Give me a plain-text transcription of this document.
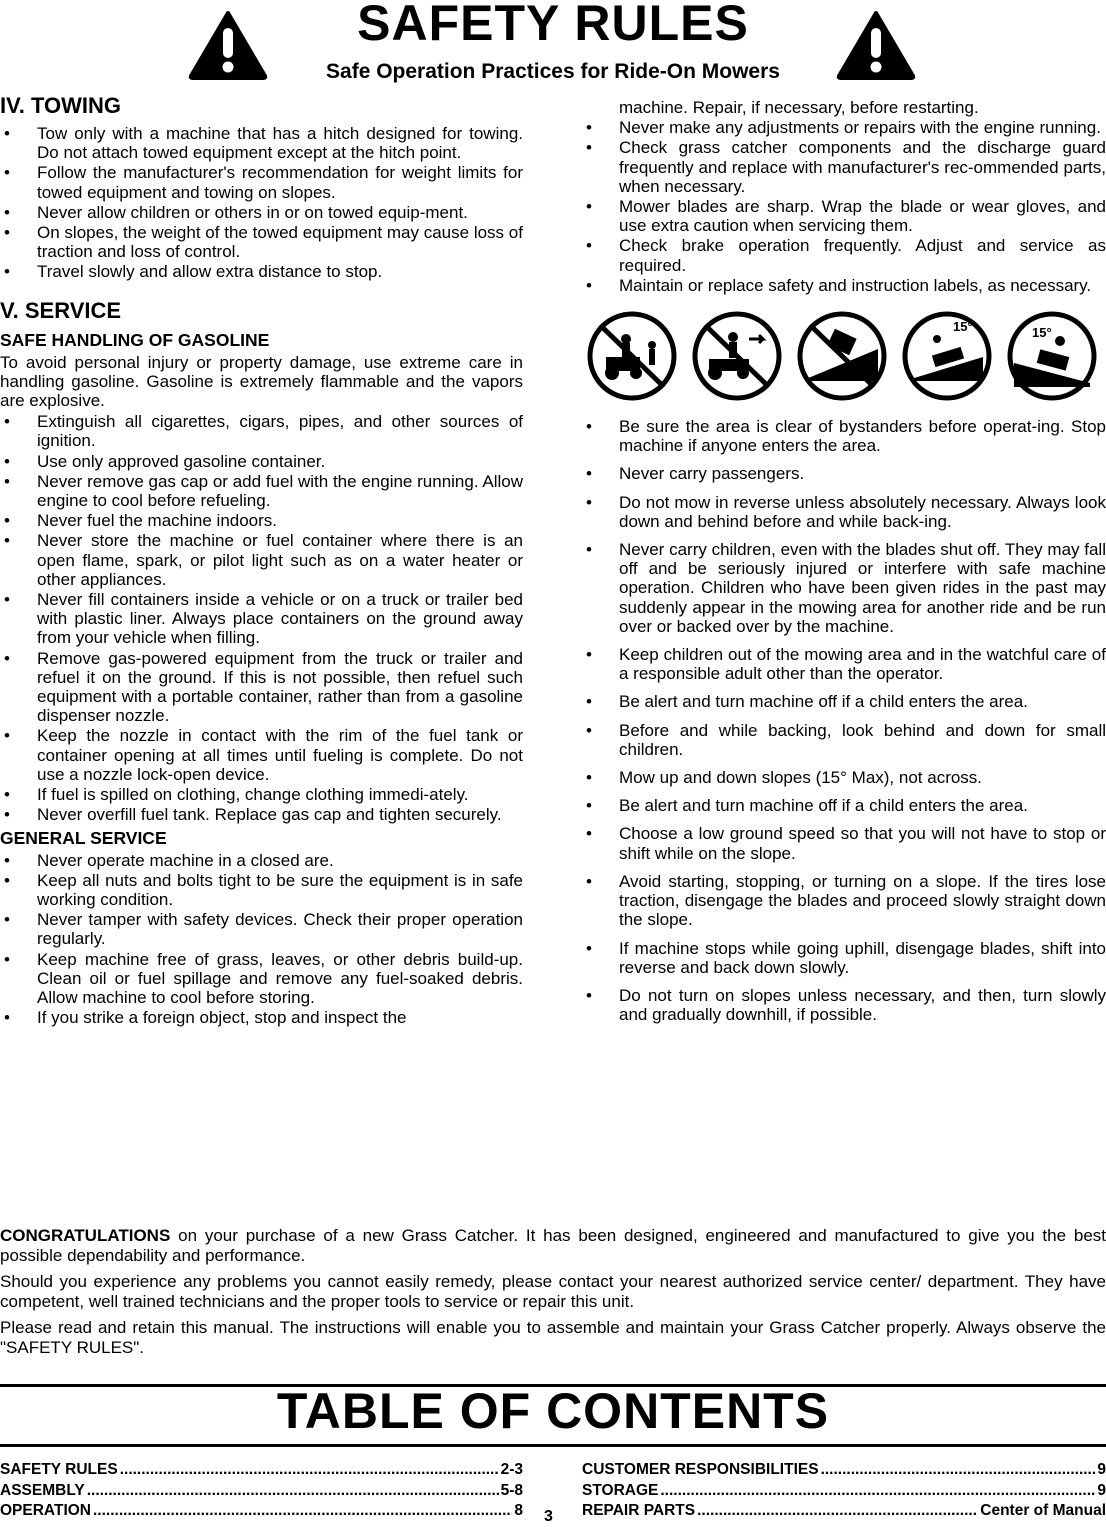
SAFETY RULES
Safe Operation Practices for Ride-On Mowers
IV. TOWING
• Tow only with a machine that has a hitch designed for towing. Do not attach towed equipment except at the hitch point.
• Follow the manufacturer's recommendation for weight limits for towed equipment and towing on slopes.
• Never allow children or others in or on towed equip-ment.
• On slopes, the weight of the towed equipment may cause loss of traction and loss of control.
• Travel slowly and allow extra distance to stop.
V. SERVICE
SAFE HANDLING OF GASOLINE

To avoid personal injury or property damage, use extreme care in handling gasoline. Gasoline is extremely flammable and the vapors are explosive.

• Extinguish all cigarettes, cigars, pipes, and other sources of ignition.
• Use only approved gasoline container.
• Never remove gas cap or add fuel with the engine running. Allow engine to cool before refueling.
• Never fuel the machine indoors.
• Never store the machine or fuel container where there is an open flame, spark, or pilot light such as on a water heater or other appliances.
• Never fill containers inside a vehicle or on a truck or trailer bed with plastic liner. Always place containers on the ground away from your vehicle when filling.
• Remove gas-powered equipment from the truck or trailer and refuel it on the ground. If this is not possible, then refuel such equipment with a portable container, rather than from a gasoline dispenser nozzle.
• Keep the nozzle in contact with the rim of the fuel tank or container opening at all times until fueling is complete. Do not use a nozzle lock-open device.
• If fuel is spilled on clothing, change clothing immedi-ately.
• Never overfill fuel tank. Replace gas cap and tighten securely.
GENERAL SERVICE
• Never operate machine in a closed are.
• Keep all nuts and bolts tight to be sure the equipment is in safe working condition.
• Never tamper with safety devices. Check their proper operation regularly.
• Keep machine free of grass, leaves, or other debris build-up. Clean oil or fuel spillage and remove any fuel-soaked debris. Allow machine to cool before storing.
• If you strike a foreign object, stop and inspect the
machine. Repair, if necessary, before restarting.
• Never make any adjustments or repairs with the engine running.
• Check grass catcher components and the discharge guard frequently and replace with manufacturer's rec-ommended parts, when necessary.
• Mower blades are sharp. Wrap the blade or wear gloves, and use extra caution when servicing them.
• Check brake operation frequently. Adjust and service as required.
• Maintain or replace safety and instruction labels, as necessary.
15°	15°
• Be sure the area is clear of bystanders before operat-ing. Stop machine if anyone enters the area.
• Never carry passengers.
• Do not mow in reverse unless absolutely necessary. Always look down and behind before and while back-ing.
• Never carry children, even with the blades shut off. They may fall off and be seriously injured or interfere with safe machine operation. Children who have been given rides in the past may suddenly appear in the mowing area for another ride and be run over or backed over by the machine.
• Keep children out of the mowing area and in the watchful care of a responsible adult other than the operator.
• Be alert and turn machine off if a child enters the area.
• Before and while backing, look behind and down for small children.
• Mow up and down slopes (15° Max), not across.
• Be alert and turn machine off if a child enters the area.
• Choose a low ground speed so that you will not have to stop or shift while on the slope.
• Avoid starting, stopping, or turning on a slope. If the tires lose traction, disengage the blades and proceed slowly straight down the slope.
• If machine stops while going uphill, disengage blades, shift into reverse and back down slowly.
• Do not turn on slopes unless necessary, and then, turn slowly and gradually downhill, if possible.

CONGRATULATIONS on your purchase of a new Grass Catcher. It has been designed, engineered and manufactured to give you the best possible dependability and performance.

Should you experience any problems you cannot easily remedy, please contact your nearest authorized service center/ department. They have competent, well trained technicians and the proper tools to service or repair this unit.

Please read and retain this manual. The instructions will enable you to assemble and maintain your Grass Catcher properly. Always observe the "SAFETY RULES".

TABLE OF CONTENTS
SAFETY RULES .....	2-3
ASSEMBLY .....	5-8
OPERATION .....	8
CUSTOMER RESPONSIBILITIES .....	9
STORAGE .....	9
REPAIR PARTS .....	Center of Manual
3
